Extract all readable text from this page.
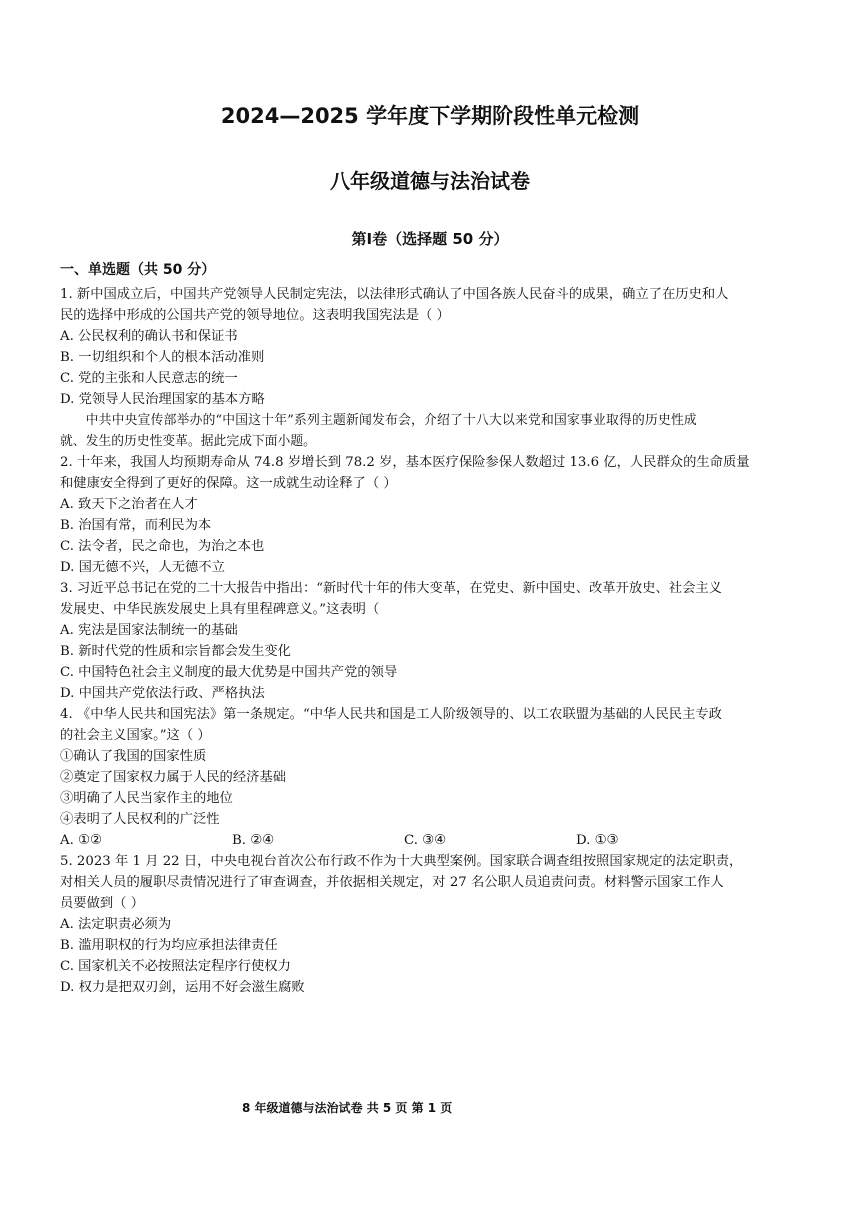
2024—2025 学年度下学期阶段性单元检测
八年级道德与法治试卷
第Ⅰ卷（选择题 50 分）
一、单选题（共 50 分）
1. 新中国成立后，中国共产党领导人民制定宪法，以法律形式确认了中国各族人民奋斗的成果，确立了在历史和人
民的选择中形成的公国共产党的领导地位。这表明我国宪法是（ ）
A. 公民权利的确认书和保证书
B. 一切组织和个人的根本活动准则
C. 党的主张和人民意志的统一
D. 党领导人民治理国家的基本方略
中共中央宣传部举办的“中国这十年”系列主题新闻发布会，介绍了十八大以来党和国家事业取得的历史性成
就、发生的历史性变革。据此完成下面小题。
2. 十年来，我国人均预期寿命从 74.8 岁增长到 78.2 岁，基本医疗保险参保人数超过 13.6 亿，人民群众的生命质量
和健康安全得到了更好的保障。这一成就生动诠释了（ ）
A. 致天下之治者在人才
B. 治国有常，而利民为本
C. 法令者，民之命也，为治之本也
D. 国无德不兴，人无德不立
3. 习近平总书记在党的二十大报告中指出：“新时代十年的伟大变革，在党史、新中国史、改革开放史、社会主义
发展史、中华民族发展史上具有里程碑意义。”这表明（
A. 宪法是国家法制统一的基础
B. 新时代党的性质和宗旨都会发生变化
C. 中国特色社会主义制度的最大优势是中国共产党的领导
D. 中国共产党依法行政、严格执法
4. 《中华人民共和国宪法》第一条规定。“中华人民共和国是工人阶级领导的、以工农联盟为基础的人民民主专政
的社会主义国家。”这（ ）
①确认了我国的国家性质
②奠定了国家权力属于人民的经济基础
③明确了人民当家作主的地位
④表明了人民权利的广泛性
A. ①②	B. ②④	C. ③④	D. ①③
5. 2023 年 1 月 22 日，中央电视台首次公布行政不作为十大典型案例。国家联合调查组按照国家规定的法定职责，
对相关人员的履职尽责情况进行了审查调查，并依据相关规定，对 27 名公职人员追责问责。材料警示国家工作人
员要做到（ ）
A. 法定职责必须为
B. 滥用职权的行为均应承担法律责任
C. 国家机关不必按照法定程序行使权力
D. 权力是把双刃剑，运用不好会滋生腐败
8 年级道德与法治试卷 共 5 页 第 1 页
